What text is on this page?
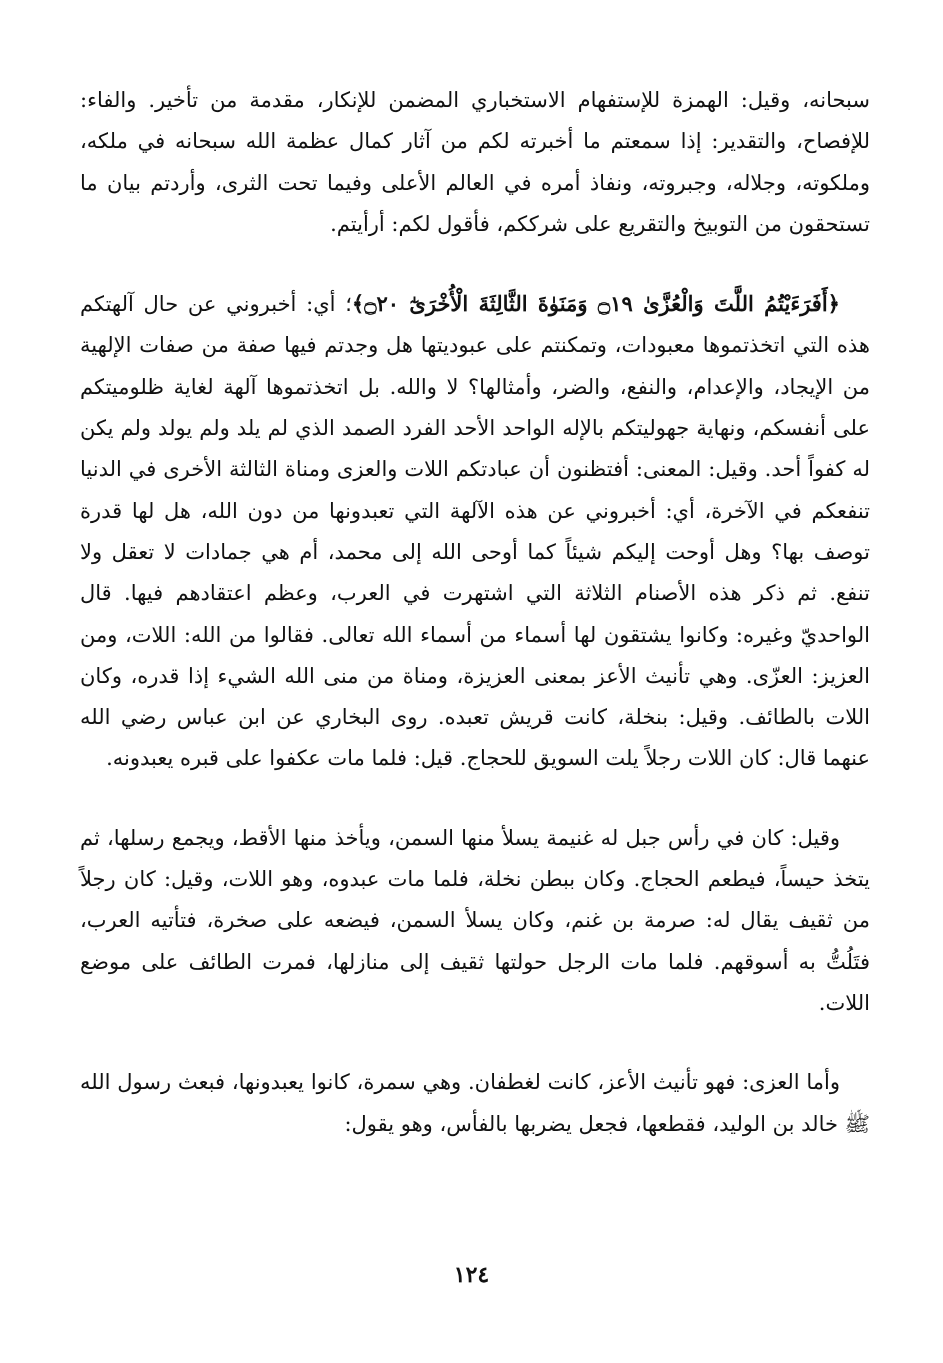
سبحانه، وقيل: الهمزة للإستفهام الاستخباري المضمن للإنكار، مقدمة من تأخير. والفاء: للإفصاح، والتقدير: إذا سمعتم ما أخبرته لكم من آثار كمال عظمة الله سبحانه في ملكه، وملكوته، وجلاله، وجبروته، ونفاذ أمره في العالم الأعلى وفيما تحت الثرى، وأردتم بيان ما تستحقون من التوبيخ والتقريع على شرككم، فأقول لكم: أرأيتم.

﴿أَفَرَءَيْتُمُ اللَّتَ وَالْعُزَّىٰ ۝١٩ وَمَنَوٰةَ الثَّالِثَةَ الْأُخْرَىٰٓ ۝٢٠﴾؛ أي: أخبروني عن حال آلهتكم هذه التي اتخذتموها معبودات، وتمكنتم على عبوديتها هل وجدتم فيها صفة من صفات الإلهية من الإيجاد، والإعدام، والنفع، والضر، وأمثالها؟ لا والله. بل اتخذتموها آلهة لغاية ظلوميتكم على أنفسكم، ونهاية جهوليتكم بالإله الواحد الأحد الفرد الصمد الذي لم يلد ولم يولد ولم يكن له كفواً أحد. وقيل: المعنى: أفتظنون أن عبادتكم اللات والعزى ومناة الثالثة الأخرى في الدنيا تنفعكم في الآخرة، أي: أخبروني عن هذه الآلهة التي تعبدونها من دون الله، هل لها قدرة توصف بها؟ وهل أوحت إليكم شيئاً كما أوحى الله إلى محمد، أم هي جمادات لا تعقل ولا تنفع. ثم ذكر هذه الأصنام الثلاثة التي اشتهرت في العرب، وعظم اعتقادهم فيها. قال الواحديّ وغيره: وكانوا يشتقون لها أسماء من أسماء الله تعالى. فقالوا من الله: اللات، ومن العزيز: العزّى. وهي تأنيث الأعز بمعنى العزيزة، ومناة من منى الله الشيء إذا قدره، وكان اللات بالطائف. وقيل: بنخلة، كانت قريش تعبده. روى البخاري عن ابن عباس رضي الله عنهما قال: كان اللات رجلاً يلت السويق للحجاج. قيل: فلما مات عكفوا على قبره يعبدونه.

وقيل: كان في رأس جبل له غنيمة يسلأ منها السمن، ويأخذ منها الأقط، ويجمع رسلها، ثم يتخذ حيساً، فيطعم الحجاج. وكان ببطن نخلة، فلما مات عبدوه، وهو اللات، وقيل: كان رجلاً من ثقيف يقال له: صرمة بن غنم، وكان يسلأ السمن، فيضعه على صخرة، فتأتيه العرب، فتَلُتُّ به أسوقهم. فلما مات الرجل حولتها ثقيف إلى منازلها، فمرت الطائف على موضع اللات.

وأما العزى: فهو تأنيث الأعز، كانت لغطفان. وهي سمرة، كانوا يعبدونها، فبعث رسول الله ﷺ خالد بن الوليد، فقطعها، فجعل يضربها بالفأس، وهو يقول:

١٢٤
